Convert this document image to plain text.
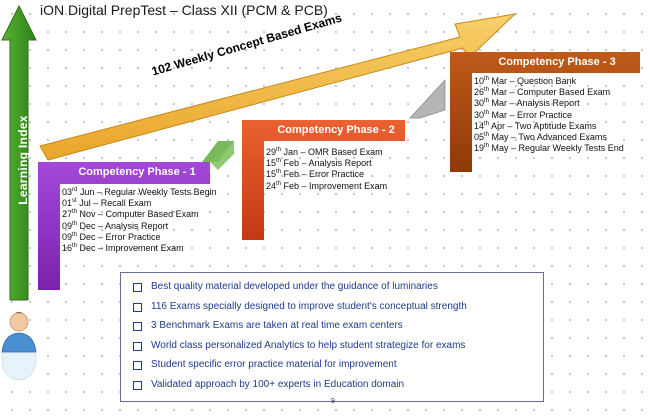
iON Digital PrepTest – Class XII (PCM & PCB)
Learning Index
102 Weekly Concept Based Exams
Competency Phase - 1
03rd Jun – Regular Weekly Tests Begin
01st Jul – Recall Exam
27th Nov – Computer Based Exam
09th Dec – Analysis Report
09th Dec – Error Practice
16th Dec – Improvement Exam
Competency Phase - 2
29th Jan – OMR Based Exam
15th Feb – Analysis Report
15th Feb – Error Practice
24th Feb – Improvement Exam
Competency Phase - 3
10th Mar – Question Bank
26th Mar – Computer Based Exam
30th Mar – Analysis Report
30th Mar – Error Practice
14th Apr – Two Aptitude Exams
05th May – Two Advanced Exams
19th May – Regular Weekly Tests End
Best quality material developed under the guidance of luminaries
116 Exams specially designed to improve student's conceptual strength
3 Benchmark Exams are taken at real time exam centers
World class personalized Analytics to help student strategize for exams
Student specific error practice material for improvement
Validated approach by 100+ experts in Education domain
9
